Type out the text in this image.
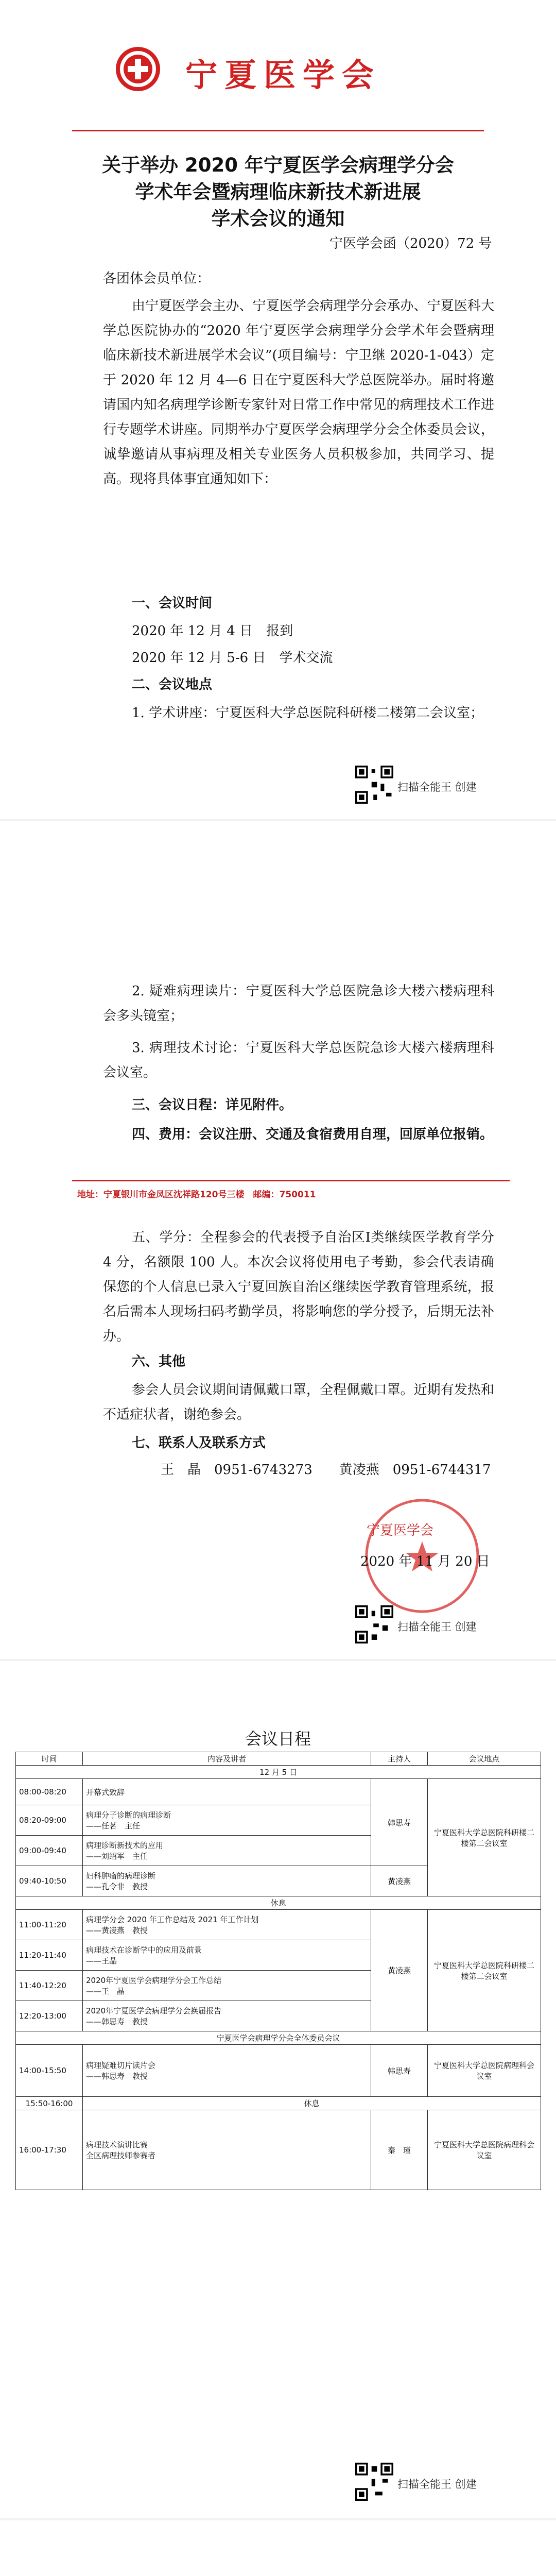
宁夏医学会
关于举办 2020 年宁夏医学会病理学分会
学术年会暨病理临床新技术新进展
学术会议的通知
宁医学会函（2020）72 号
各团体会员单位：
由宁夏医学会主办、宁夏医学会病理学分会承办、宁夏医科大学总医院协办的“2020 年宁夏医学会病理学分会学术年会暨病理临床新技术新进展学术会议”(项目编号：宁卫继 2020-1-043）定于 2020 年 12 月 4—6 日在宁夏医科大学总医院举办。届时将邀请国内知名病理学诊断专家针对日常工作中常见的病理技术工作进行专题学术讲座。同期举办宁夏医学会病理学分会全体委员会议，诚挚邀请从事病理及相关专业医务人员积极参加，共同学习、提高。现将具体事宜通知如下：
一、会议时间
2020 年 12 月 4 日　报到
2020 年 12 月 5-6 日　学术交流
二、会议地点
1. 学术讲座：宁夏医科大学总医院科研楼二楼第二会议室；
地址：宁夏银川市金凤区沈祥路120号三楼　邮编：750011
扫描全能王 创建
2. 疑难病理读片：宁夏医科大学总医院急诊大楼六楼病理科会多头镜室；
3. 病理技术讨论：宁夏医科大学总医院急诊大楼六楼病理科会议室。
三、会议日程：详见附件。
四、费用：会议注册、交通及食宿费用自理，回原单位报销。
五、学分：全程参会的代表授予自治区Ⅰ类继续医学教育学分 4 分，名额限 100 人。本次会议将使用电子考勤，参会代表请确保您的个人信息已录入宁夏回族自治区继续医学教育管理系统，报名后需本人现场扫码考勤学员，将影响您的学分授予，后期无法补办。
六、其他
参会人员会议期间请佩戴口罩，全程佩戴口罩。近期有发热和不适症状者，谢绝参会。
七、联系人及联系方式
王　晶　0951-6743273　　黄凌燕　0951-6744317
宁夏医学会
2020 年 11 月 20 日
扫描全能王 创建
会议日程
时间	内容及讲者	主持人	会议地点
12 月 5 日			
08:00-08:20	开幕式致辞	韩思寿	宁夏医科大学总医院科研楼二楼第二会议室
08:20-09:00	病理分子诊断的病理诊断
——任茗　主任		
09:00-09:40	病理诊断新技术的应用
——刘绍军　主任		
09:40-10:50	妇科肿瘤的病理诊断
——孔令非　教授	黄凌燕	
休息			
11:00-11:20	病理学分会 2020 年工作总结及 2021 年工作计划
——黄凌燕　教授	黄凌燕	宁夏医科大学总医院科研楼二楼第二会议室
11:20-11:40	病理技术在诊断学中的应用及前景
——王晶		
11:40-12:20	2020年宁夏医学会病理学分会工作总结
——王　晶		
12:20-13:00	2020年宁夏医学会病理学分会换届报告
——韩思寿　教授		
宁夏医学会病理学分会全体委员会议			
14:00-15:50	病理疑难切片读片会
——韩思寿　教授	韩思寿	宁夏医科大学总医院病理科会议室
15:50-16:00	休息		
16:00-17:30	病理技术演讲比赛
全区病理技师参赛者	秦　瑾	宁夏医科大学总医院病理科会议室
扫描全能王 创建
